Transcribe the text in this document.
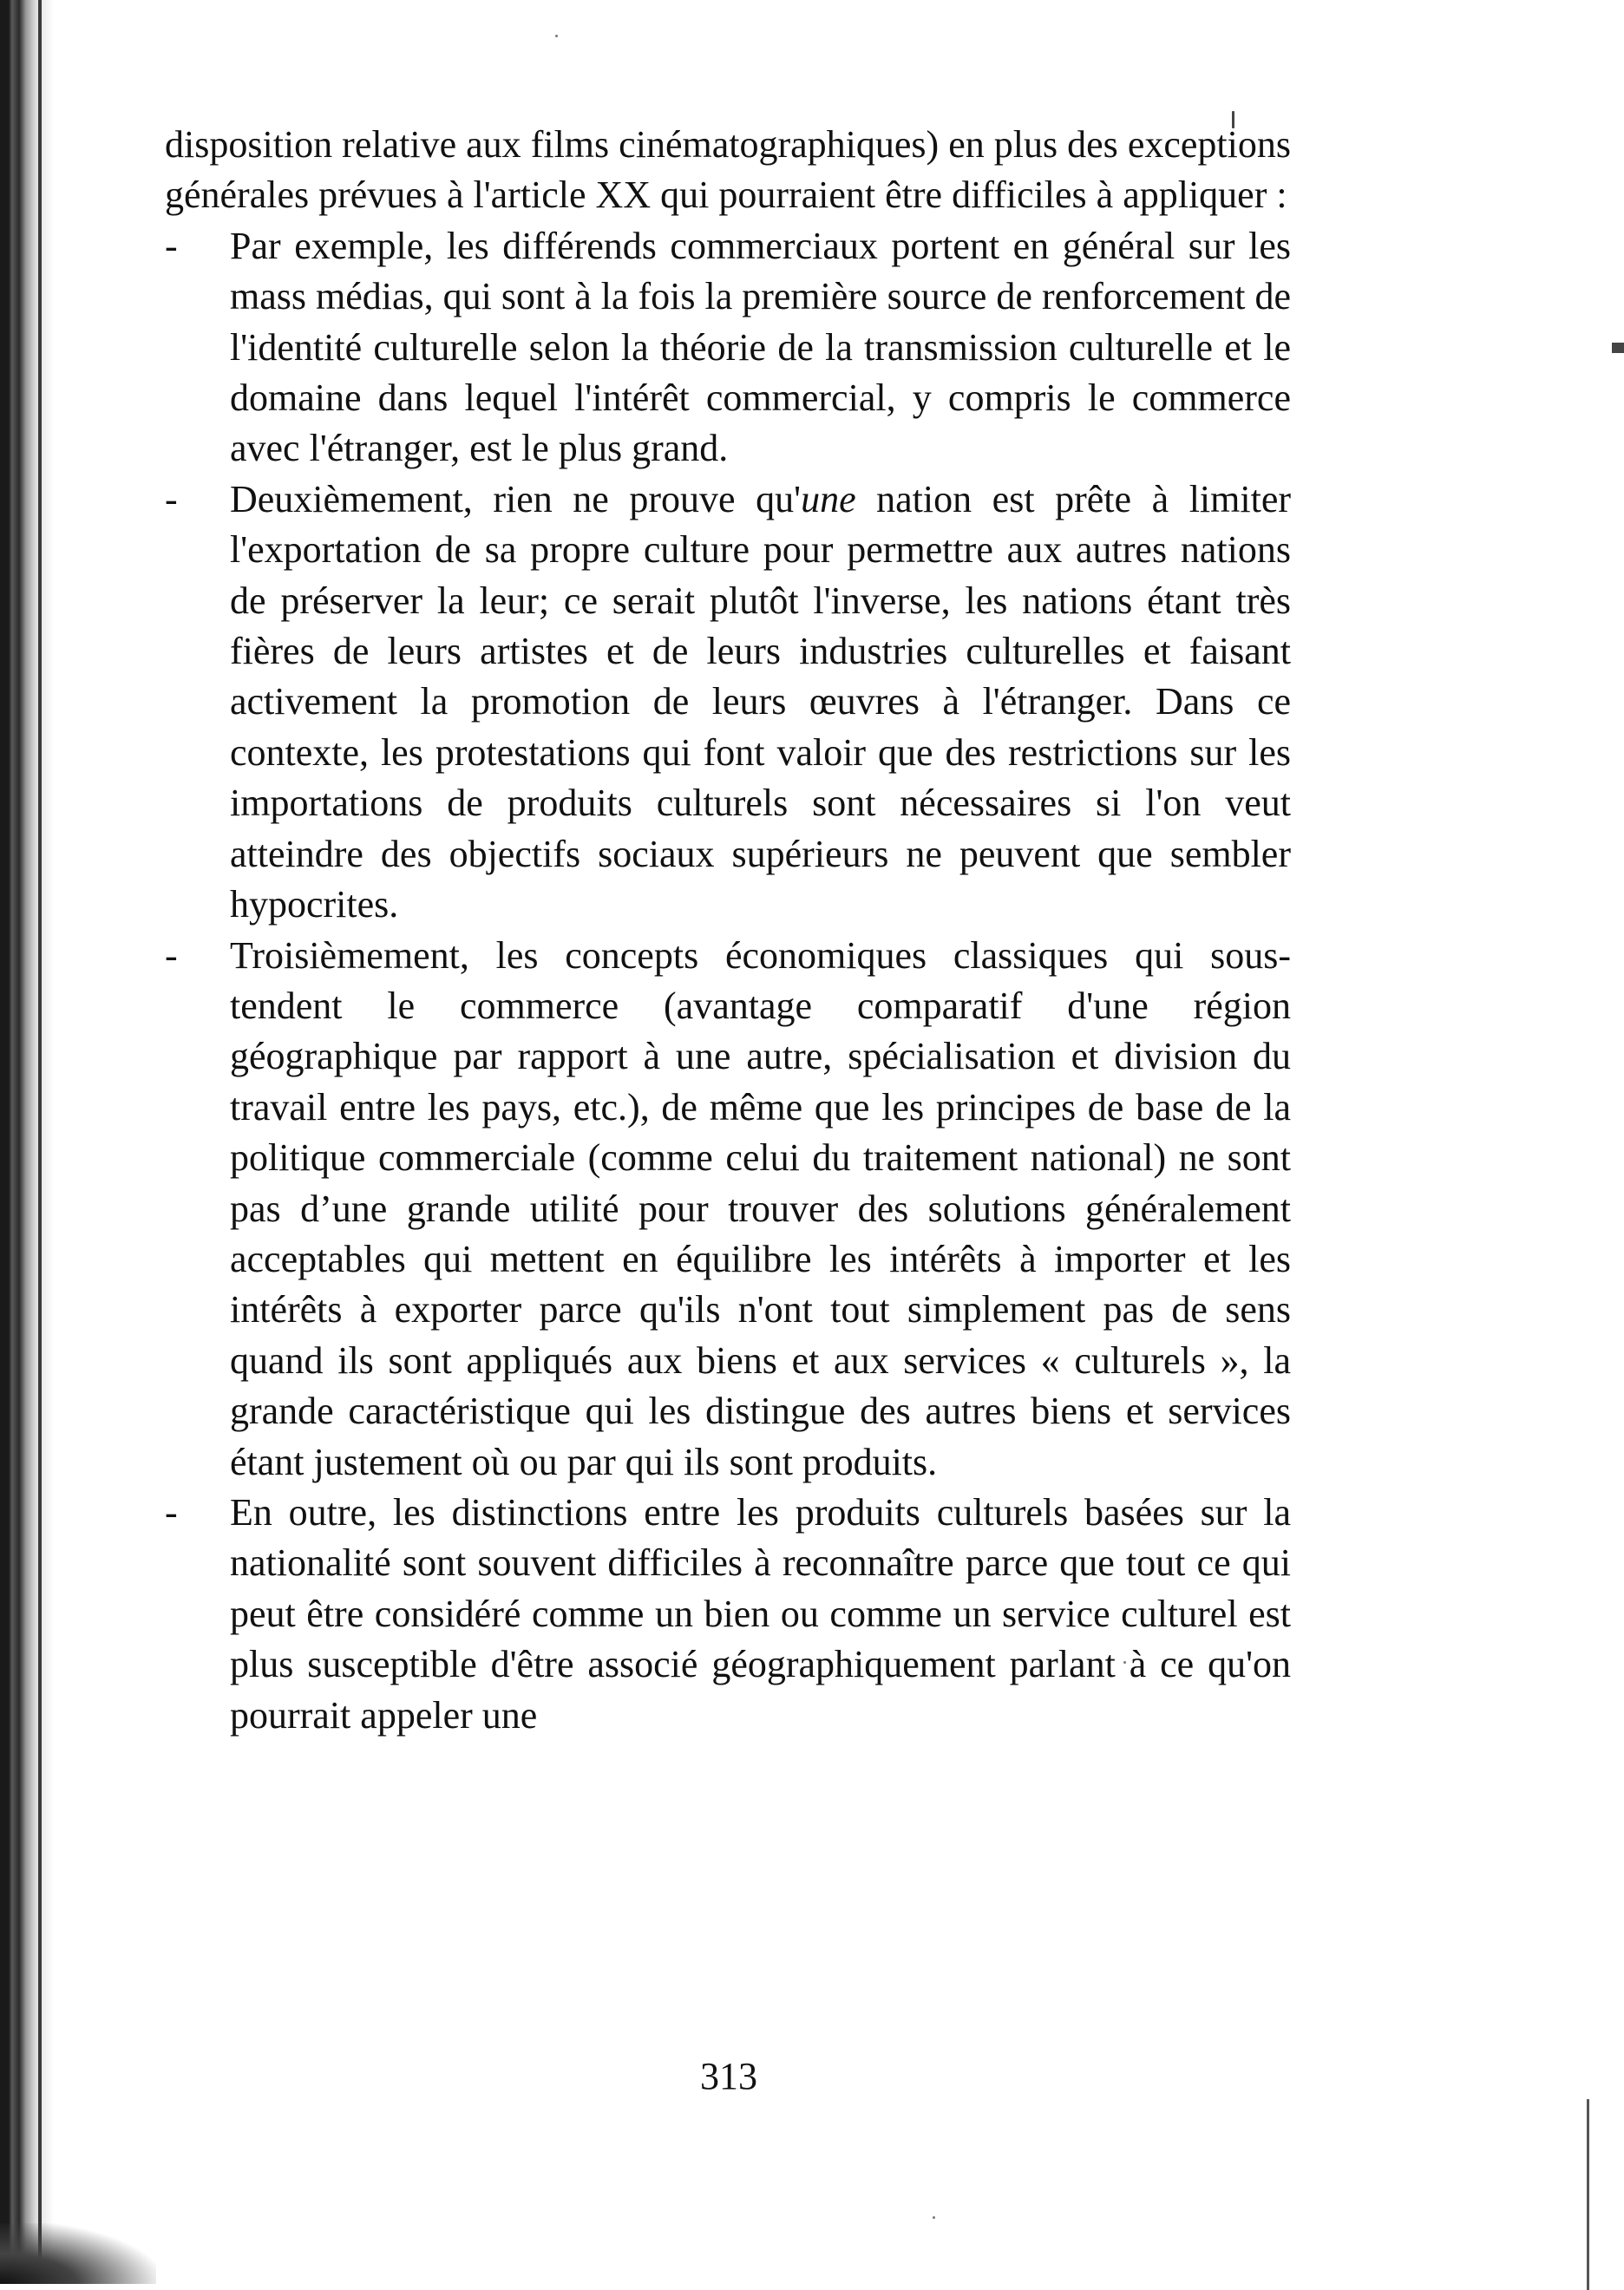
disposition relative aux films cinématographiques) en plus des exceptions générales prévues à l'article XX qui pourraient être difficiles à appliquer :

- Par exemple, les différends commerciaux portent en général sur les mass médias, qui sont à la fois la première source de renforcement de l'identité culturelle selon la théorie de la transmission culturelle et le domaine dans lequel l'intérêt commercial, y compris le commerce avec l'étranger, est le plus grand.
- Deuxièmement, rien ne prouve qu'une nation est prête à limiter l'exportation de sa propre culture pour permettre aux autres nations de préserver la leur; ce serait plutôt l'inverse, les nations étant très fières de leurs artistes et de leurs industries culturelles et faisant activement la promotion de leurs œuvres à l'étranger. Dans ce contexte, les protestations qui font valoir que des restrictions sur les importations de produits culturels sont nécessaires si l'on veut atteindre des objectifs sociaux supérieurs ne peuvent que sembler hypocrites.
- Troisièmement, les concepts économiques classiques qui sous-tendent le commerce (avantage comparatif d'une région géographique par rapport à une autre, spécialisation et division du travail entre les pays, etc.), de même que les principes de base de la politique commerciale (comme celui du traitement national) ne sont pas d’une grande utilité pour trouver des solutions généralement acceptables qui mettent en équilibre les intérêts à importer et les intérêts à exporter parce qu'ils n'ont tout simplement pas de sens quand ils sont appliqués aux biens et aux services « culturels », la grande caractéristique qui les distingue des autres biens et services étant justement où ou par qui ils sont produits.
- En outre, les distinctions entre les produits culturels basées sur la nationalité sont souvent difficiles à reconnaître parce que tout ce qui peut être considéré comme un bien ou comme un service culturel est plus susceptible d'être associé géographiquement parlant à ce qu'on pourrait appeler une
313
